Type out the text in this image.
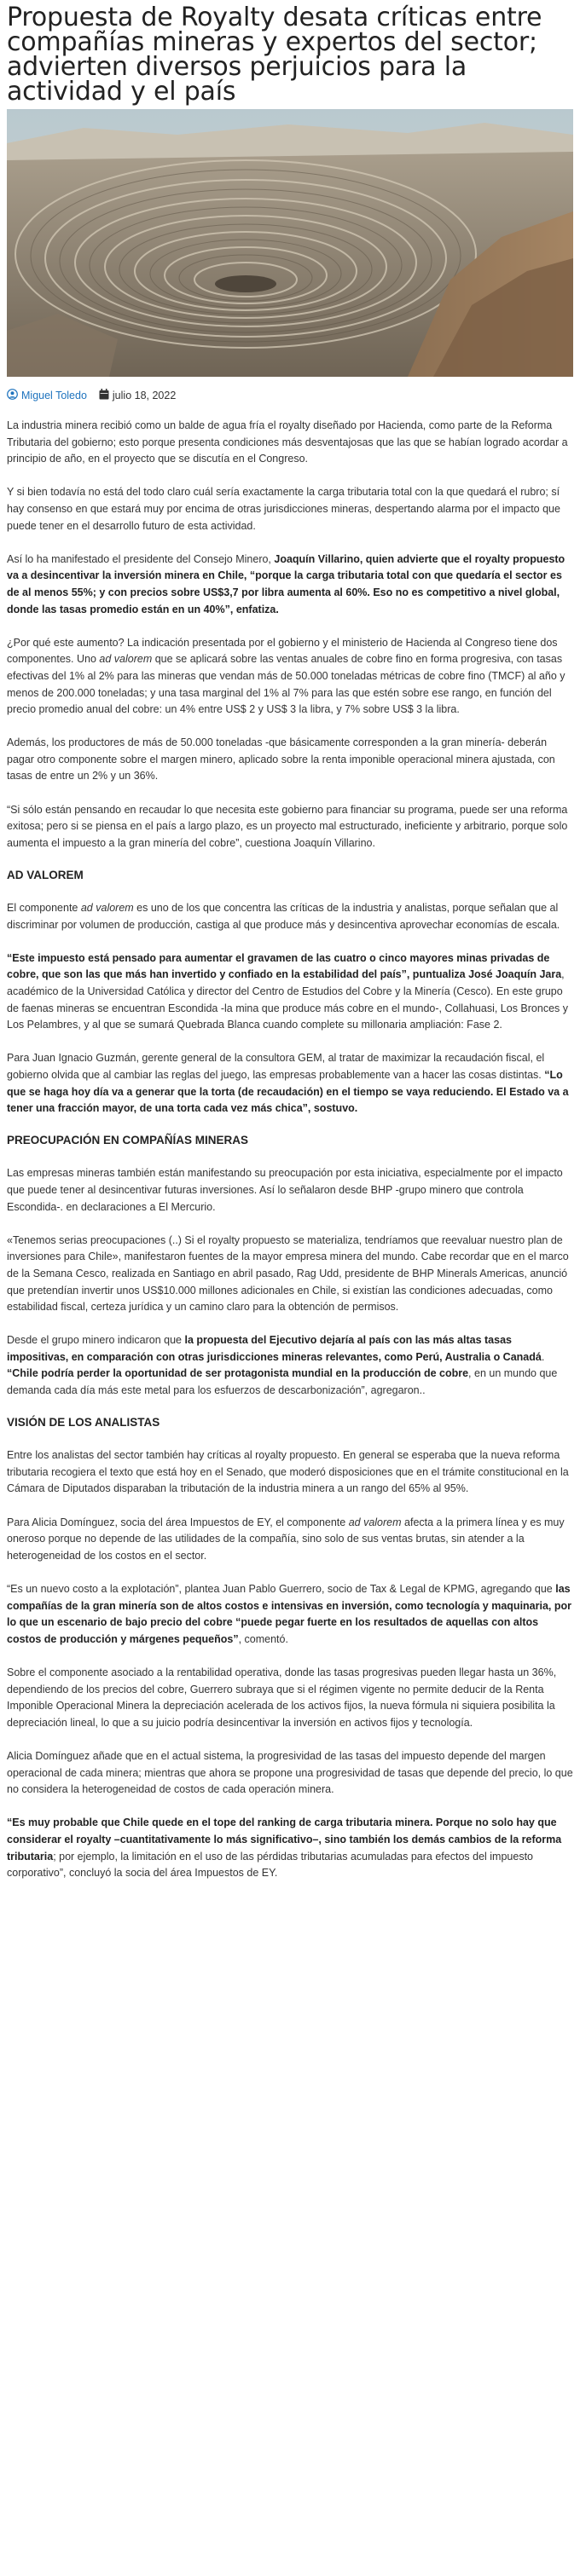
Propuesta de Royalty desata críticas entre compañías mineras y expertos del sector; advierten diversos perjuicios para la actividad y el país
Miguel Toledo julio 18, 2022

La industria minera recibió como un balde de agua fría el royalty diseñado por Hacienda, como parte de la Reforma Tributaria del gobierno; esto porque presenta condiciones más desventajosas que las que se habían logrado acordar a principio de año, en el proyecto que se discutía en el Congreso.

Y si bien todavía no está del todo claro cuál sería exactamente la carga tributaria total con la que quedará el rubro; sí hay consenso en que estará muy por encima de otras jurisdicciones mineras, despertando alarma por el impacto que puede tener en el desarrollo futuro de esta actividad.

Así lo ha manifestado el presidente del Consejo Minero, Joaquín Villarino, quien advierte que el royalty propuesto va a desincentivar la inversión minera en Chile, “porque la carga tributaria total con que quedaría el sector es de al menos 55%; y con precios sobre US$3,7 por libra aumenta al 60%. Eso no es competitivo a nivel global, donde las tasas promedio están en un 40%”, enfatiza.

¿Por qué este aumento? La indicación presentada por el gobierno y el ministerio de Hacienda al Congreso tiene dos componentes. Uno ad valorem que se aplicará sobre las ventas anuales de cobre fino en forma progresiva, con tasas efectivas del 1% al 2% para las mineras que vendan más de 50.000 toneladas métricas de cobre fino (TMCF) al año y menos de 200.000 toneladas; y una tasa marginal del 1% al 7% para las que estén sobre ese rango, en función del precio promedio anual del cobre: un 4% entre US$ 2 y US$ 3 la libra, y 7% sobre US$ 3 la libra.

Además, los productores de más de 50.000 toneladas -que básicamente corresponden a la gran minería- deberán pagar otro componente sobre el margen minero, aplicado sobre la renta imponible operacional minera ajustada, con tasas de entre un 2% y un 36%.

“Si sólo están pensando en recaudar lo que necesita este gobierno para financiar su programa, puede ser una reforma exitosa; pero si se piensa en el país a largo plazo, es un proyecto mal estructurado, ineficiente y arbitrario, porque solo aumenta el impuesto a la gran minería del cobre”, cuestiona Joaquín Villarino.

AD VALOREM

El componente ad valorem es uno de los que concentra las críticas de la industria y analistas, porque señalan que al discriminar por volumen de producción, castiga al que produce más y desincentiva aprovechar economías de escala.

“Este impuesto está pensado para aumentar el gravamen de las cuatro o cinco mayores minas privadas de cobre, que son las que más han invertido y confiado en la estabilidad del país”, puntualiza José Joaquín Jara, académico de la Universidad Católica y director del Centro de Estudios del Cobre y la Minería (Cesco). En este grupo de faenas mineras se encuentran Escondida -la mina que produce más cobre en el mundo-, Collahuasi, Los Bronces y Los Pelambres, y al que se sumará Quebrada Blanca cuando complete su millonaria ampliación: Fase 2.

Para Juan Ignacio Guzmán, gerente general de la consultora GEM, al tratar de maximizar la recaudación fiscal, el gobierno olvida que al cambiar las reglas del juego, las empresas probablemente van a hacer las cosas distintas. “Lo que se haga hoy día va a generar que la torta (de recaudación) en el tiempo se vaya reduciendo. El Estado va a tener una fracción mayor, de una torta cada vez más chica”, sostuvo.

PREOCUPACIÓN EN COMPAÑÍAS MINERAS

Las empresas mineras también están manifestando su preocupación por esta iniciativa, especialmente por el impacto que puede tener al desincentivar futuras inversiones. Así lo señalaron desde BHP -grupo minero que controla Escondida-. en declaraciones a El Mercurio.

«Tenemos serias preocupaciones (..) Si el royalty propuesto se materializa, tendríamos que reevaluar nuestro plan de inversiones para Chile», manifestaron fuentes de la mayor empresa minera del mundo. Cabe recordar que en el marco de la Semana Cesco, realizada en Santiago en abril pasado, Rag Udd, presidente de BHP Minerals Americas, anunció que pretendían invertir unos US$10.000 millones adicionales en Chile, si existían las condiciones adecuadas, como estabilidad fiscal, certeza jurídica y un camino claro para la obtención de permisos.

Desde el grupo minero indicaron que la propuesta del Ejecutivo dejaría al país con las más altas tasas impositivas, en comparación con otras jurisdicciones mineras relevantes, como Perú, Australia o Canadá. “Chile podría perder la oportunidad de ser protagonista mundial en la producción de cobre, en un mundo que demanda cada día más este metal para los esfuerzos de descarbonización”, agregaron..

VISIÓN DE LOS ANALISTAS

Entre los analistas del sector también hay críticas al royalty propuesto. En general se esperaba que la nueva reforma tributaria recogiera el texto que está hoy en el Senado, que moderó disposiciones que en el trámite constitucional en la Cámara de Diputados disparaban la tributación de la industria minera a un rango del 65% al 95%.

Para Alicia Domínguez, socia del área Impuestos de EY, el componente ad valorem afecta a la primera línea y es muy oneroso porque no depende de las utilidades de la compañía, sino solo de sus ventas brutas, sin atender a la heterogeneidad de los costos en el sector.

“Es un nuevo costo a la explotación”, plantea Juan Pablo Guerrero, socio de Tax & Legal de KPMG, agregando que las compañías de la gran minería son de altos costos e intensivas en inversión, como tecnología y maquinaria, por lo que un escenario de bajo precio del cobre “puede pegar fuerte en los resultados de aquellas con altos costos de producción y márgenes pequeños”, comentó.

Sobre el componente asociado a la rentabilidad operativa, donde las tasas progresivas pueden llegar hasta un 36%, dependiendo de los precios del cobre, Guerrero subraya que si el régimen vigente no permite deducir de la Renta Imponible Operacional Minera la depreciación acelerada de los activos fijos, la nueva fórmula ni siquiera posibilita la depreciación lineal, lo que a su juicio podría desincentivar la inversión en activos fijos y tecnología.

Alicia Domínguez añade que en el actual sistema, la progresividad de las tasas del impuesto depende del margen operacional de cada minera; mientras que ahora se propone una progresividad de tasas que depende del precio, lo que no considera la heterogeneidad de costos de cada operación minera.

“Es muy probable que Chile quede en el tope del ranking de carga tributaria minera. Porque no solo hay que considerar el royalty –cuantitativamente lo más significativo–, sino también los demás cambios de la reforma tributaria; por ejemplo, la limitación en el uso de las pérdidas tributarias acumuladas para efectos del impuesto corporativo”, concluyó la socia del área Impuestos de EY.
